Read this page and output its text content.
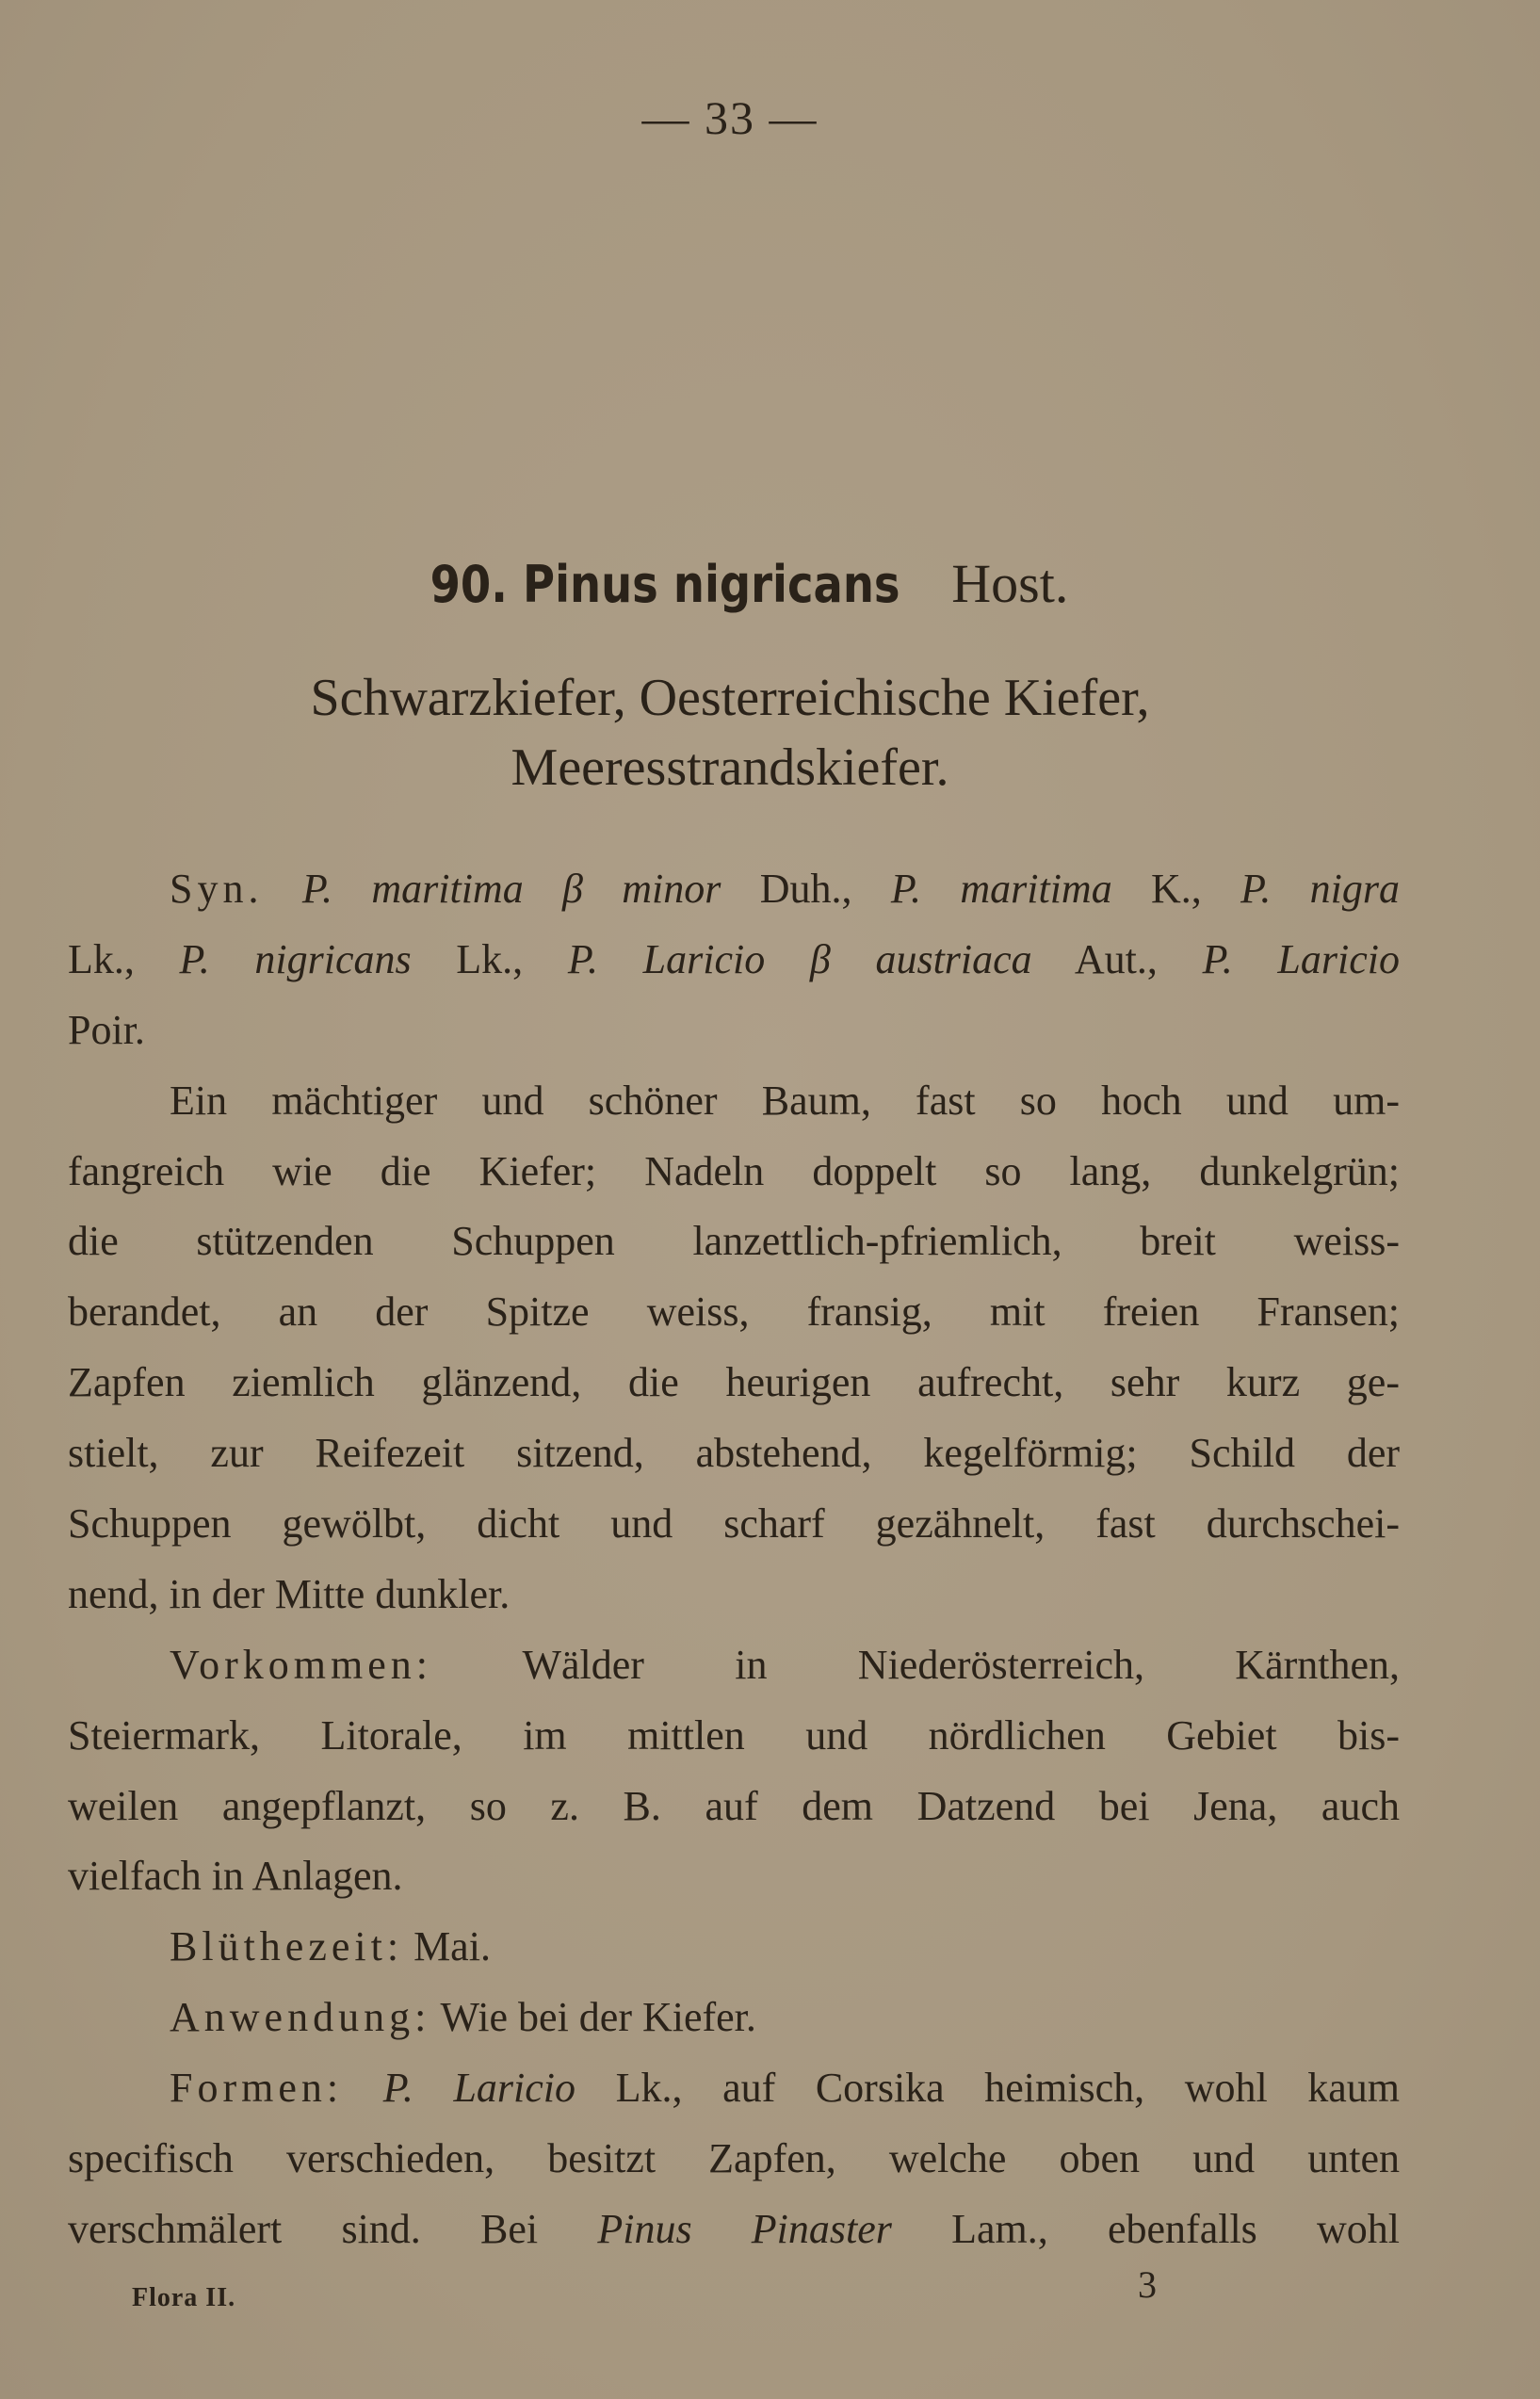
— 33 —
90. Pinus nigricans Host.
Schwarzkiefer, Oesterreichische Kiefer,
Meeresstrandskiefer.
Syn. P. maritima β minor Duh., P. maritima K., P. nigra
Lk., P. nigricans Lk., P. Laricio β austriaca Aut., P. Laricio
Poir.
Ein mächtiger und schöner Baum, fast so hoch und um-
fangreich wie die Kiefer; Nadeln doppelt so lang, dunkelgrün;
die stützenden Schuppen lanzettlich-pfriemlich, breit weiss-
berandet, an der Spitze weiss, fransig, mit freien Fransen;
Zapfen ziemlich glänzend, die heurigen aufrecht, sehr kurz ge-
stielt, zur Reifezeit sitzend, abstehend, kegelförmig; Schild der
Schuppen gewölbt, dicht und scharf gezähnelt, fast durchschei-
nend, in der Mitte dunkler.
Vorkommen: Wälder in Niederösterreich, Kärnthen,
Steiermark, Litorale, im mittlen und nördlichen Gebiet bis-
weilen angepflanzt, so z. B. auf dem Datzend bei Jena, auch
vielfach in Anlagen.
Blüthezeit: Mai.
Anwendung: Wie bei der Kiefer.
Formen: P. Laricio Lk., auf Corsika heimisch, wohl kaum
specifisch verschieden, besitzt Zapfen, welche oben und unten
verschmälert sind. Bei Pinus Pinaster Lam., ebenfalls wohl
Flora II.	3
